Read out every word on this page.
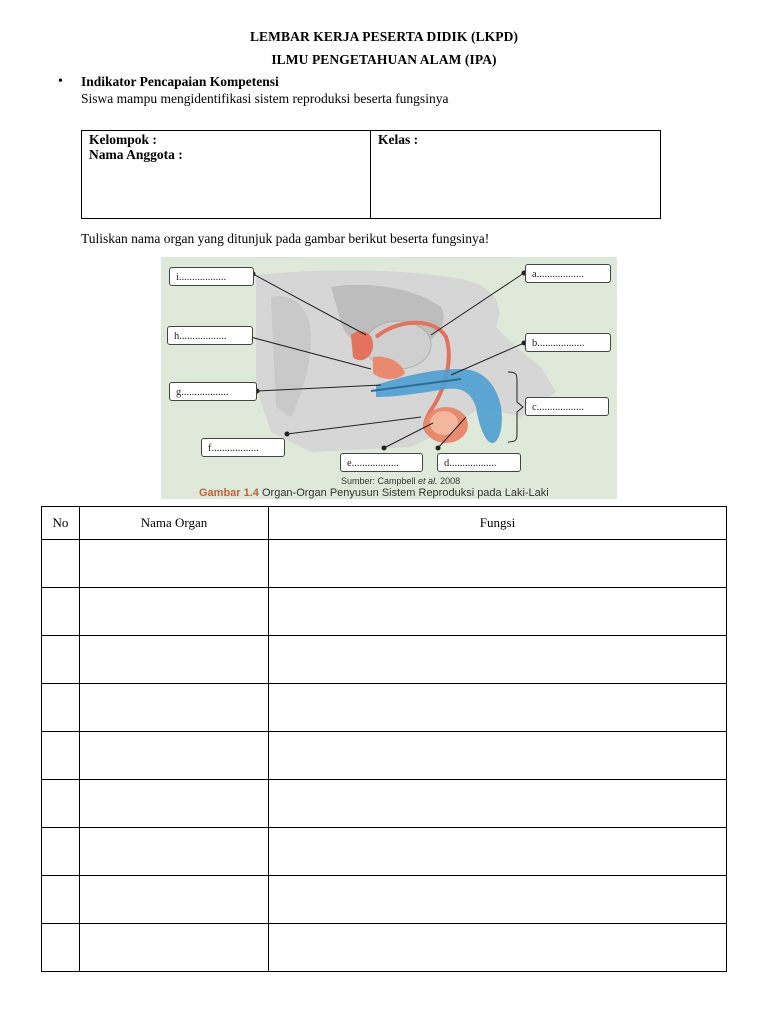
LEMBAR KERJA PESERTA DIDIK (LKPD)
ILMU PENGETAHUAN ALAM (IPA)
• Indikator Pencapaian Kompetensi
Siswa mampu mengidentifikasi sistem reproduksi beserta fungsinya
Kelompok :
Nama Anggota :
Kelas :
Tuliskan nama organ yang ditunjuk pada gambar berikut beserta fungsinya!
i..................	a..................
h..................
b..................
g..................
c..................
f..................
e..................	d..................
Sumber: Campbell et al. 2008
Gambar 1.4 Organ-Organ Penyusun Sistem Reproduksi pada Laki-Laki
No	Nama Organ	Fungsi
